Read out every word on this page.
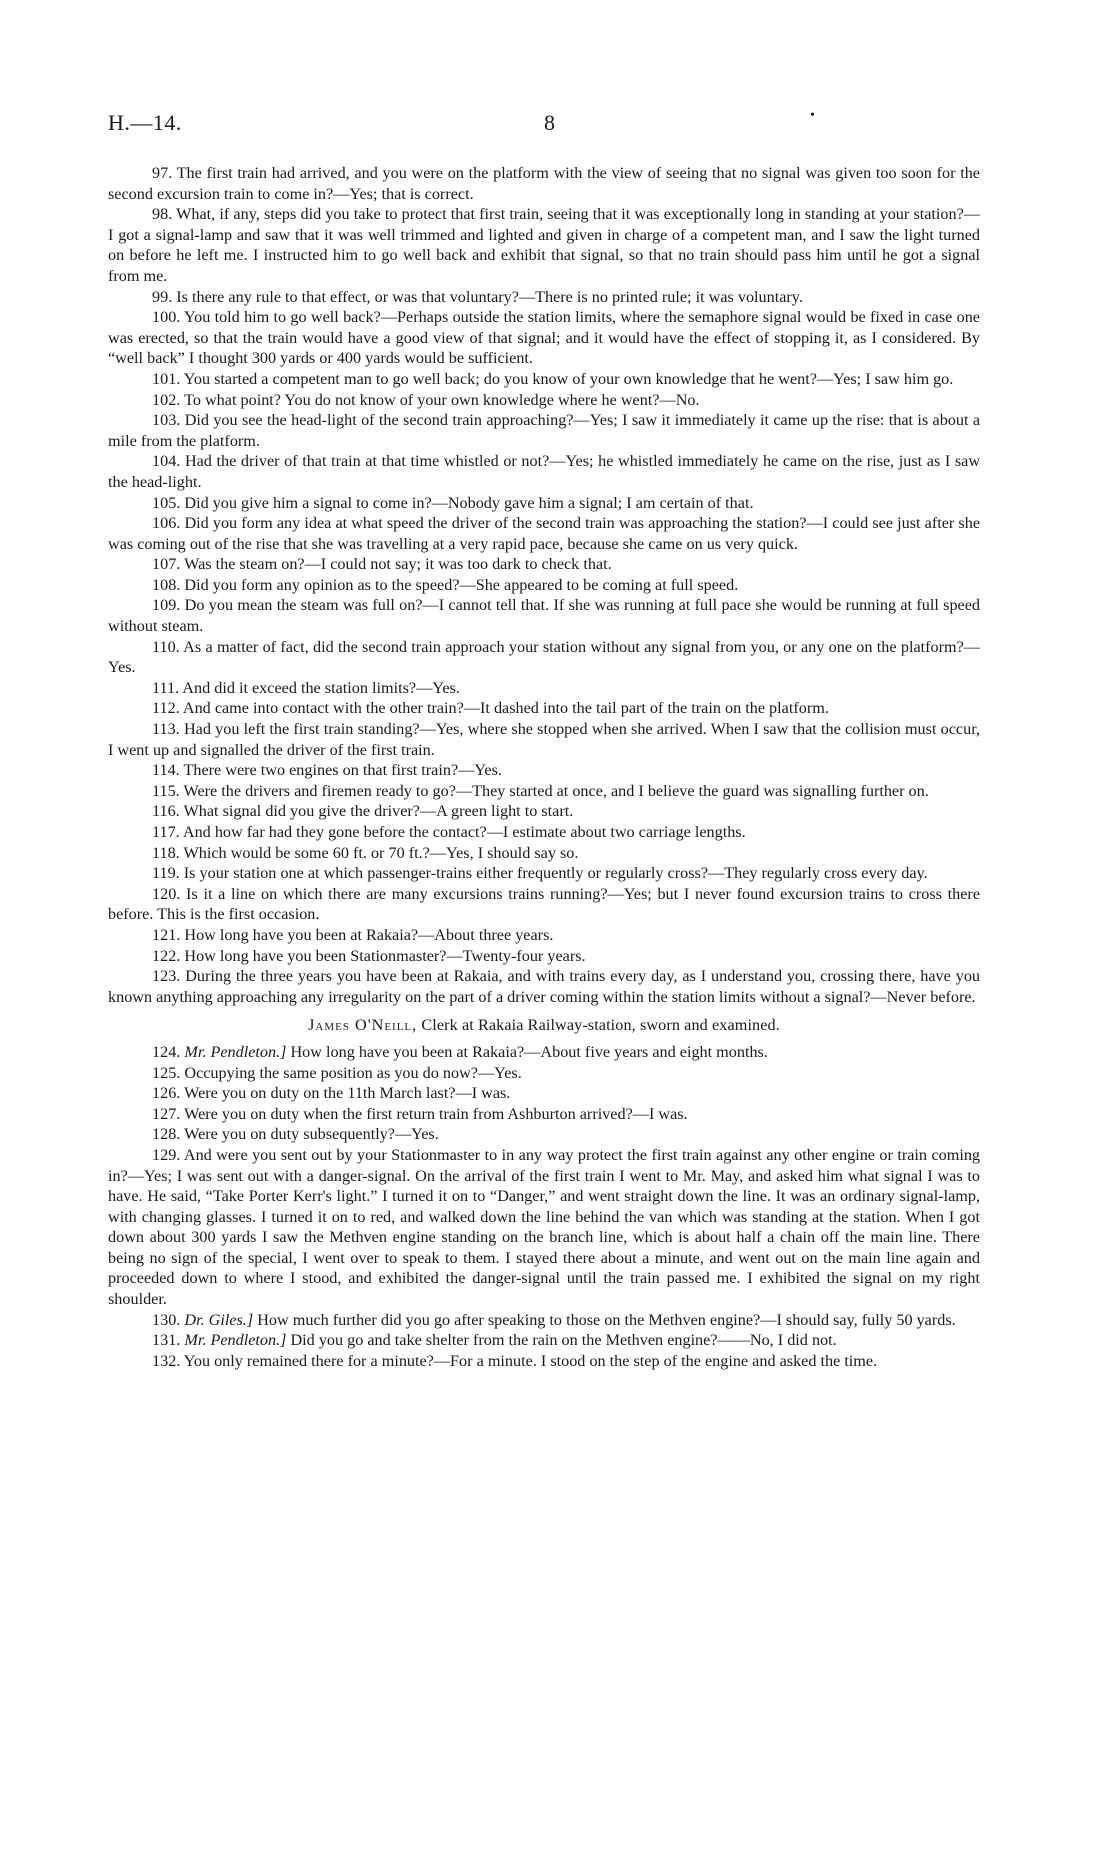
H.—14.	8	•

97. The first train had arrived, and you were on the platform with the view of seeing that no signal was given too soon for the second excursion train to come in?—Yes; that is correct.

98. What, if any, steps did you take to protect that first train, seeing that it was exceptionally long in standing at your station?—I got a signal-lamp and saw that it was well trimmed and lighted and given in charge of a competent man, and I saw the light turned on before he left me. I instructed him to go well back and exhibit that signal, so that no train should pass him until he got a signal from me.

99. Is there any rule to that effect, or was that voluntary?—There is no printed rule; it was voluntary.

100. You told him to go well back?—Perhaps outside the station limits, where the semaphore signal would be fixed in case one was erected, so that the train would have a good view of that signal; and it would have the effect of stopping it, as I considered. By “well back” I thought 300 yards or 400 yards would be sufficient.

101. You started a competent man to go well back; do you know of your own knowledge that he went?—Yes; I saw him go.

102. To what point? You do not know of your own knowledge where he went?—No.

103. Did you see the head-light of the second train approaching?—Yes; I saw it immediately it came up the rise: that is about a mile from the platform.

104. Had the driver of that train at that time whistled or not?—Yes; he whistled immediately he came on the rise, just as I saw the head-light.

105. Did you give him a signal to come in?—Nobody gave him a signal; I am certain of that.

106. Did you form any idea at what speed the driver of the second train was approaching the station?—I could see just after she was coming out of the rise that she was travelling at a very rapid pace, because she came on us very quick.

107. Was the steam on?—I could not say; it was too dark to check that.

108. Did you form any opinion as to the speed?—She appeared to be coming at full speed.

109. Do you mean the steam was full on?—I cannot tell that. If she was running at full pace she would be running at full speed without steam.

110. As a matter of fact, did the second train approach your station without any signal from you, or any one on the platform?—Yes.

111. And did it exceed the station limits?—Yes.

112. And came into contact with the other train?—It dashed into the tail part of the train on the platform.

113. Had you left the first train standing?—Yes, where she stopped when she arrived. When I saw that the collision must occur, I went up and signalled the driver of the first train.

114. There were two engines on that first train?—Yes.

115. Were the drivers and firemen ready to go?—They started at once, and I believe the guard was signalling further on.

116. What signal did you give the driver?—A green light to start.

117. And how far had they gone before the contact?—I estimate about two carriage lengths.

118. Which would be some 60 ft. or 70 ft.?—Yes, I should say so.

119. Is your station one at which passenger-trains either frequently or regularly cross?—They regularly cross every day.

120. Is it a line on which there are many excursions trains running?—Yes; but I never found excursion trains to cross there before. This is the first occasion.

121. How long have you been at Rakaia?—About three years.

122. How long have you been Stationmaster?—Twenty-four years.

123. During the three years you have been at Rakaia, and with trains every day, as I understand you, crossing there, have you known anything approaching any irregularity on the part of a driver coming within the station limits without a signal?—Never before.

James O'Neill, Clerk at Rakaia Railway-station, sworn and examined.

124. Mr. Pendleton.] How long have you been at Rakaia?—About five years and eight months.

125. Occupying the same position as you do now?—Yes.

126. Were you on duty on the 11th March last?—I was.

127. Were you on duty when the first return train from Ashburton arrived?—I was.

128. Were you on duty subsequently?—Yes.

129. And were you sent out by your Stationmaster to in any way protect the first train against any other engine or train coming in?—Yes; I was sent out with a danger-signal. On the arrival of the first train I went to Mr. May, and asked him what signal I was to have. He said, “Take Porter Kerr's light.” I turned it on to “Danger,” and went straight down the line. It was an ordinary signal-lamp, with changing glasses. I turned it on to red, and walked down the line behind the van which was standing at the station. When I got down about 300 yards I saw the Methven engine standing on the branch line, which is about half a chain off the main line. There being no sign of the special, I went over to speak to them. I stayed there about a minute, and went out on the main line again and proceeded down to where I stood, and exhibited the danger-signal until the train passed me. I exhibited the signal on my right shoulder.

130. Dr. Giles.] How much further did you go after speaking to those on the Methven engine?—I should say, fully 50 yards.

131. Mr. Pendleton.] Did you go and take shelter from the rain on the Methven engine?——No, I did not.

132. You only remained there for a minute?—For a minute. I stood on the step of the engine and asked the time.
